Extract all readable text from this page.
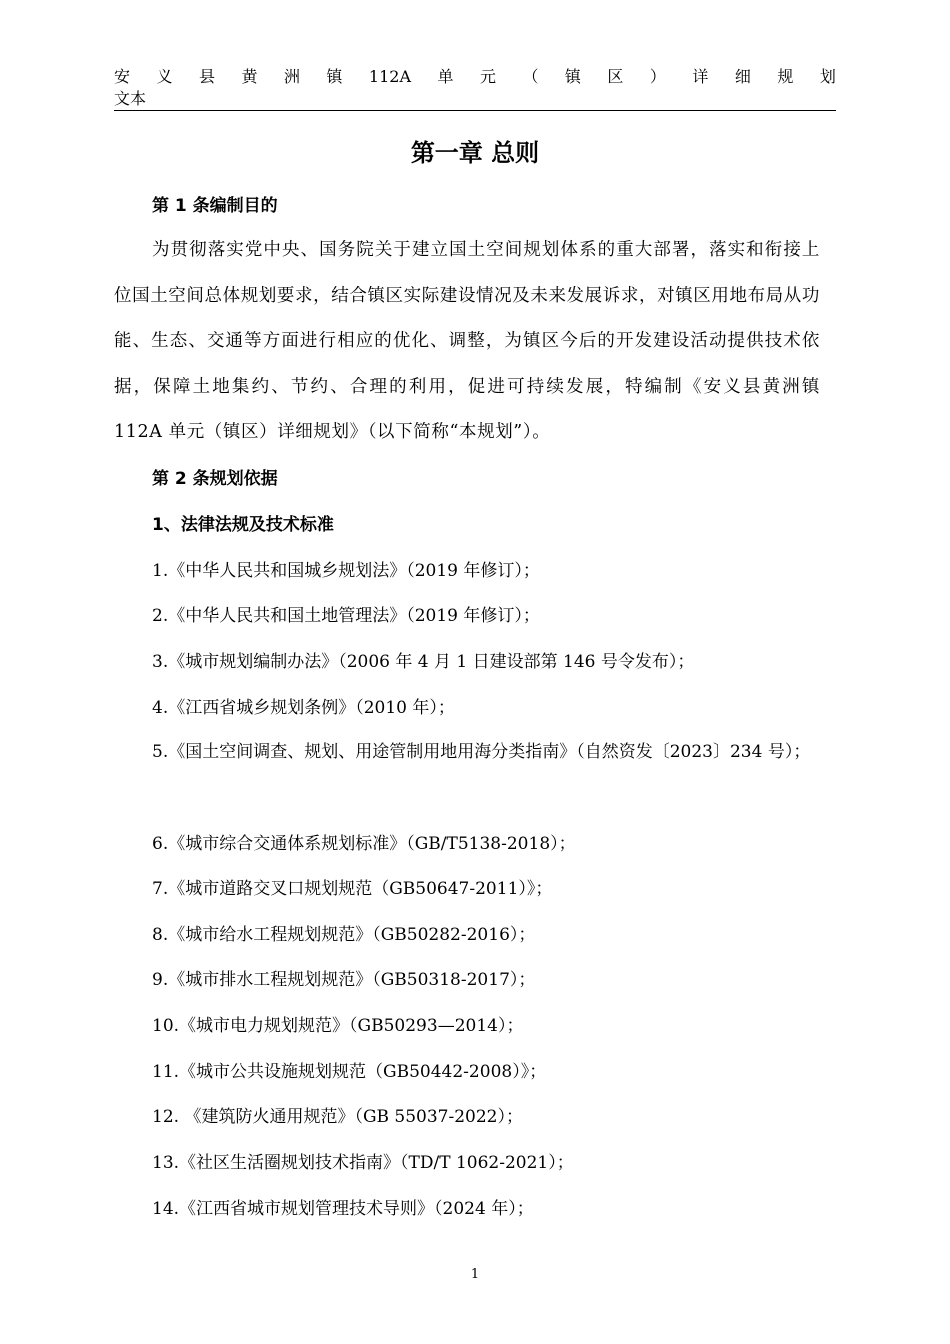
安 义 县 黄 洲 镇 112A 单 元 （ 镇 区 ） 详 细 规 划
文本
第一章 总则
第 1 条编制目的
为贯彻落实党中央、国务院关于建立国土空间规划体系的重大部署，落实和衔接上位国土空间总体规划要求，结合镇区实际建设情况及未来发展诉求，对镇区用地布局从功能、生态、交通等方面进行相应的优化、调整，为镇区今后的开发建设活动提供技术依据，保障土地集约、节约、合理的利用，促进可持续发展，特编制《安义县黄洲镇 112A 单元（镇区）详细规划》（以下简称“本规划”）。
第 2 条规划依据
1、法律法规及技术标准
1.《中华人民共和国城乡规划法》（2019 年修订）；
2.《中华人民共和国土地管理法》（2019 年修订）；
3.《城市规划编制办法》（2006 年 4 月 1 日建设部第 146 号令发布）；
4.《江西省城乡规划条例》（2010 年）；
5.《国土空间调查、规划、用途管制用地用海分类指南》（自然资发〔2023〕234 号）；
6.《城市综合交通体系规划标准》（GB/T5138-2018）；
7.《城市道路交叉口规划规范（GB50647-2011）》；
8.《城市给水工程规划规范》（GB50282-2016）；
9.《城市排水工程规划规范》（GB50318-2017）；
10.《城市电力规划规范》（GB50293—2014）；
11.《城市公共设施规划规范（GB50442-2008）》；
12. 《建筑防火通用规范》（GB 55037-2022）；
13.《社区生活圈规划技术指南》（TD/T 1062-2021）；
14.《江西省城市规划管理技术导则》（2024 年）；
1
